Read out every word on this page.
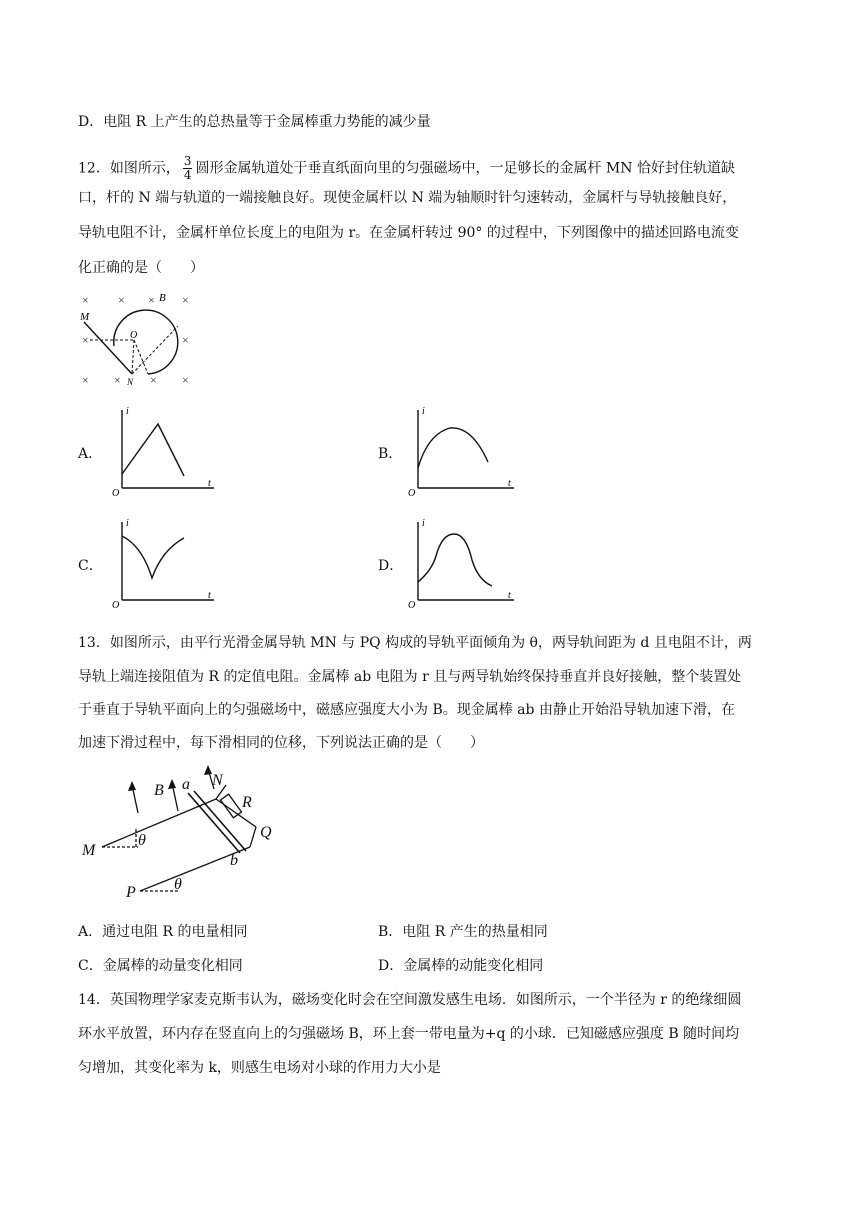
D．电阻 R 上产生的总热量等于金属棒重力势能的减少量
12．如图所示， $\frac{3}{4}$ 圆形金属轨道处于垂直纸面向里的匀强磁场中，一足够长的金属杆 MN 恰好封住轨道缺
口，杆的 N 端与轨道的一端接触良好。现使金属杆以 N 端为轴顺时针匀速转动，金属杆与导轨接触良好，
导轨电阻不计，金属杆单位长度上的电阻为 r。在金属杆转过 90° 的过程中，下列图像中的描述回路电流变
化正确的是（　　）
× × × ×
×	×
× × × ×
B
M
O
N
A．
i
t
O
B．
i
t
O
C．
i
t
O
D．
i
t
O
13．如图所示，由平行光滑金属导轨 MN 与 PQ 构成的导轨平面倾角为 θ，两导轨间距为 d 且电阻不计，两
导轨上端连接阻值为 R 的定值电阻。金属棒 ab 电阻为 r 且与两导轨始终保持垂直并良好接触，整个装置处
于垂直于导轨平面向上的匀强磁场中，磁感应强度大小为 B。现金属棒 ab 由静止开始沿导轨加速下滑，在
加速下滑过程中，每下滑相同的位移，下列说法正确的是（　　）
B a N
R
Q
M
b
P
θ
θ
A．通过电阻 R 的电量相同	B．电阻 R 产生的热量相同
C．金属棒的动量变化相同	D．金属棒的动能变化相同
14．英国物理学家麦克斯韦认为，磁场变化时会在空间激发感生电场．如图所示，一个半径为 r 的绝缘细圆
环水平放置，环内存在竖直向上的匀强磁场 B，环上套一带电量为+q 的小球．已知磁感应强度 B 随时间均
匀增加，其变化率为 k，则感生电场对小球的作用力大小是
